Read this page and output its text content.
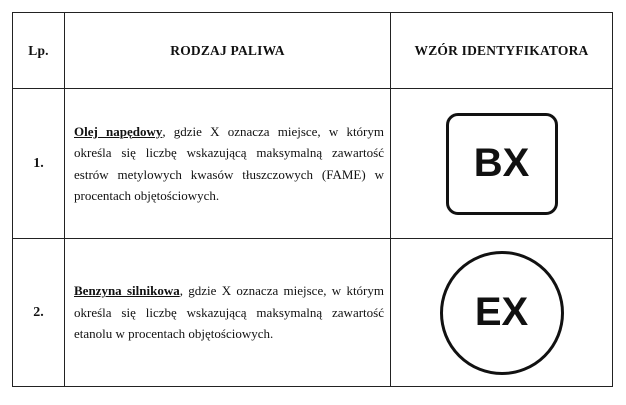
Lp.	RODZAJ PALIWA	WZÓR IDENTYFIKATORA
1.	Olej napędowy, gdzie X oznacza miejsce, w którym określa się liczbę wskazującą maksymalną zawartość estrów metylowych kwasów tłuszczowych (FAME) w procentach objętościowych.	BX
2.	Benzyna silnikowa, gdzie X oznacza miejsce, w którym określa się liczbę wskazującą maksymalną zawartość etanolu w procentach objętościowych.	EX
